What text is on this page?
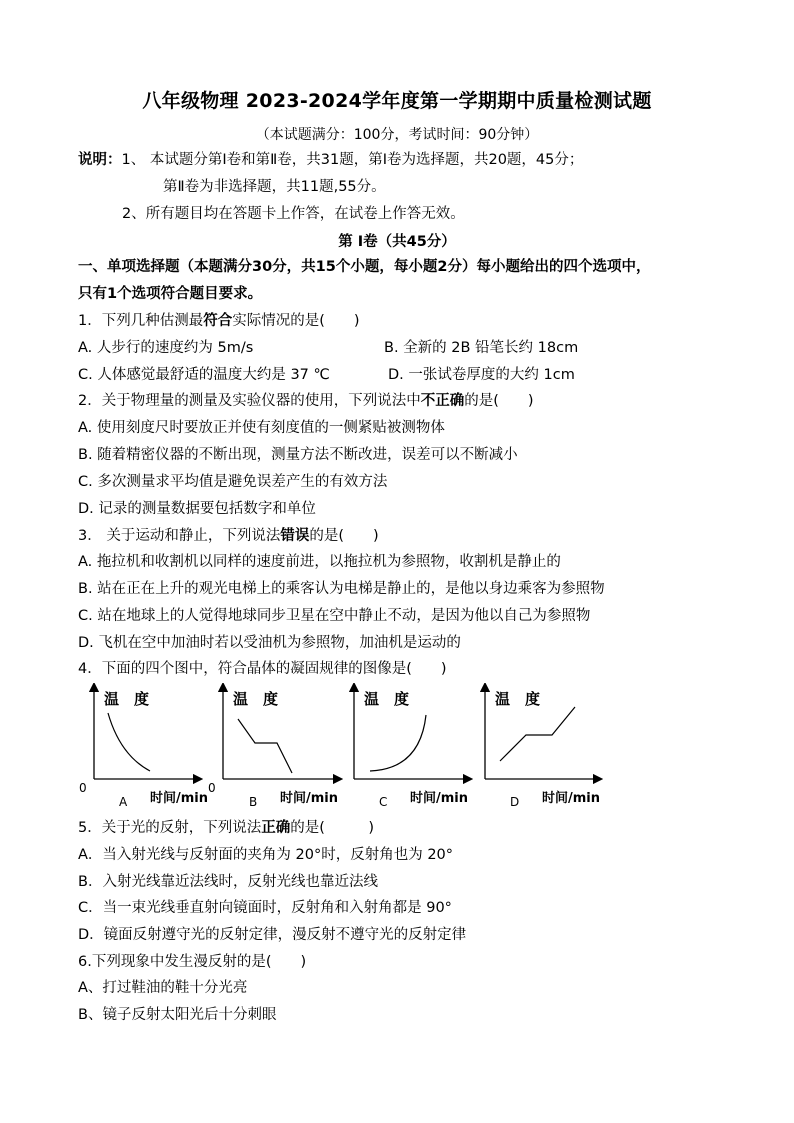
八年级物理 2023-2024学年度第一学期期中质量检测试题
（本试题满分：100分，考试时间：90分钟）
说明：1、 本试题分第Ⅰ卷和第Ⅱ卷，共31题，第Ⅰ卷为选择题，共20题，45分；
第Ⅱ卷为非选择题，共11题,55分。
2、所有题目均在答题卡上作答，在试卷上作答无效。
第 Ⅰ卷（共45分）
一、单项选择题（本题满分30分，共15个小题，每小题2分）每小题给出的四个选项中，
只有1个选项符合题目要求。
1．下列几种估测最符合实际情况的是(　　)
A. 人步行的速度约为 5m/s	B. 全新的 2B 铅笔长约 18cm
C. 人体感觉最舒适的温度大约是 37 ℃	D. 一张试卷厚度的大约 1cm
2．关于物理量的测量及实验仪器的使用，下列说法中不正确的是(　　)
A. 使用刻度尺时要放正并使有刻度值的一侧紧贴被测物体
B. 随着精密仪器的不断出现，测量方法不断改进，误差可以不断减小
C. 多次测量求平均值是避免误差产生的有效方法
D. 记录的测量数据要包括数字和单位
3． 关于运动和静止，下列说法错误的是(　　)
A. 拖拉机和收割机以同样的速度前进，以拖拉机为参照物，收割机是静止的
B. 站在正在上升的观光电梯上的乘客认为电梯是静止的，是他以身边乘客为参照物
C. 站在地球上的人觉得地球同步卫星在空中静止不动，是因为他以自己为参照物
D. 飞机在空中加油时若以受油机为参照物，加油机是运动的
4．下面的四个图中，符合晶体的凝固规律的图像是(　　)
温　度
0
时间/min
A
温　度
0
时间/min
B
温　度
时间/min
C
温　度
时间/min
D
5．关于光的反射，下列说法正确的是(　　　)
A．当入射光线与反射面的夹角为 20°时，反射角也为 20°
B．入射光线靠近法线时，反射光线也靠近法线
C．当一束光线垂直射向镜面时，反射角和入射角都是 90°
D．镜面反射遵守光的反射定律，漫反射不遵守光的反射定律
6.下列现象中发生漫反射的是(　　)
A、打过鞋油的鞋十分光亮
B、镜子反射太阳光后十分刺眼
